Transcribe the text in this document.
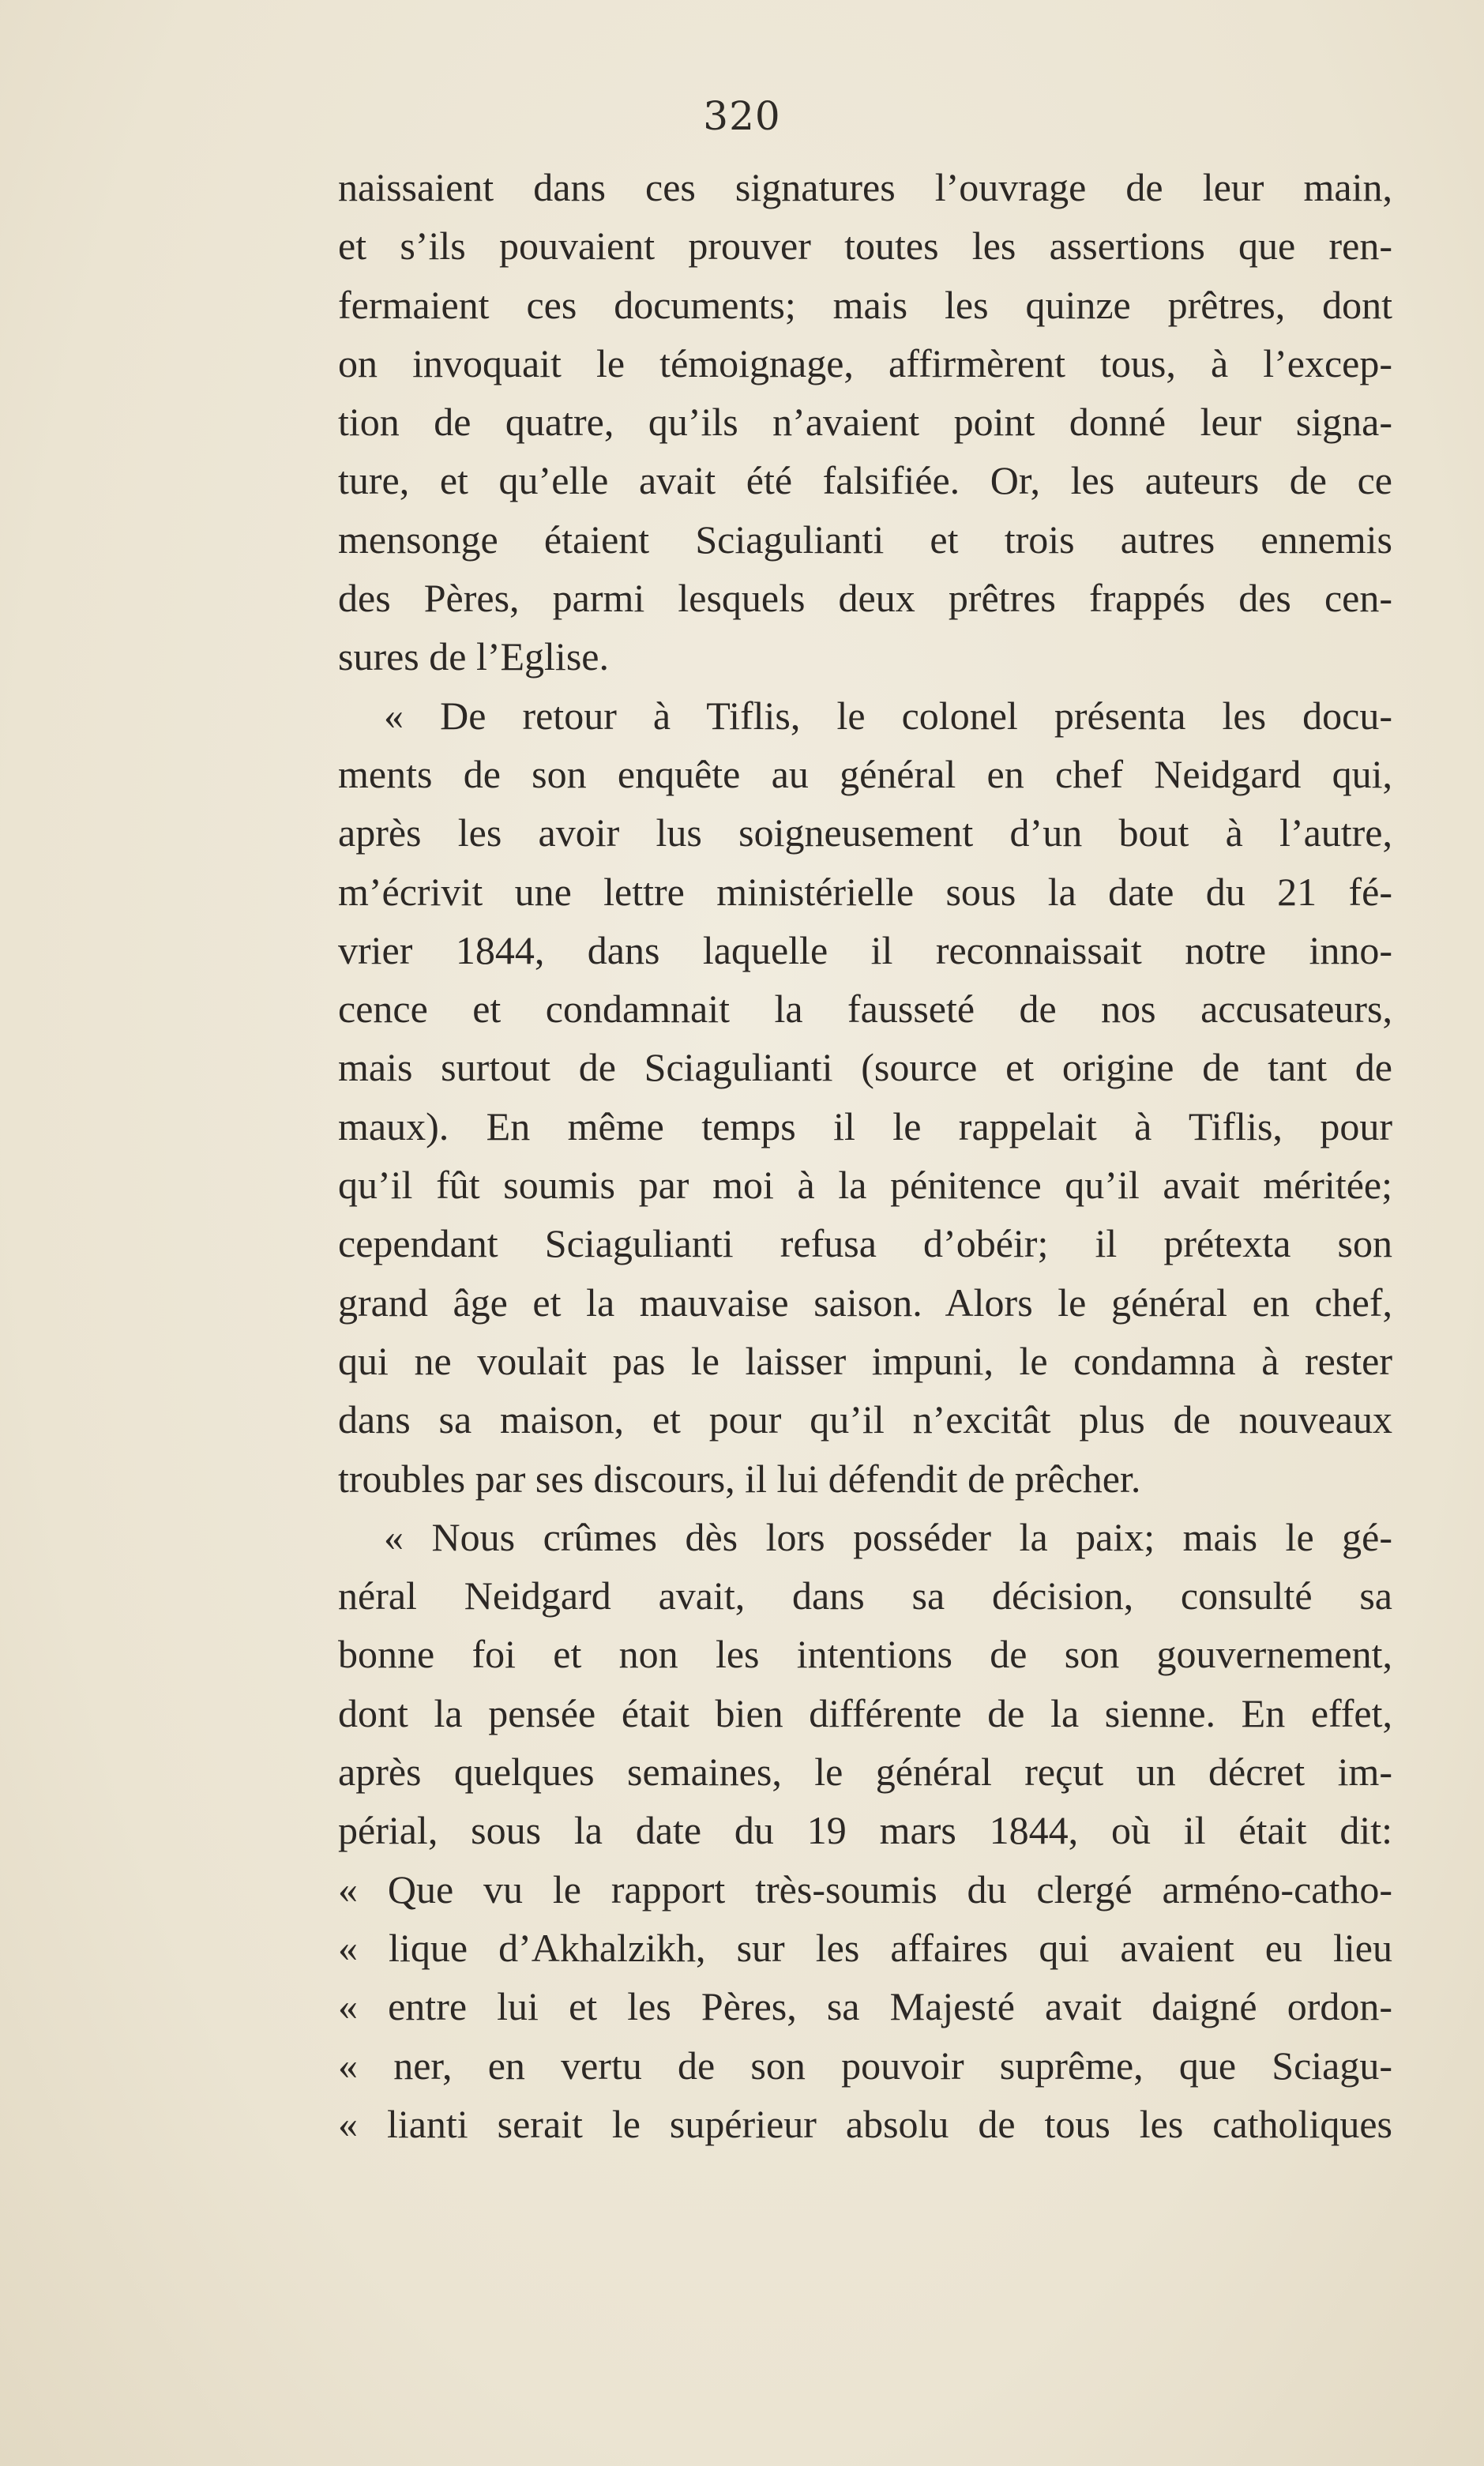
320
naissaient dans ces signatures l’ouvrage de leur main,
et s’ils pouvaient prouver toutes les assertions que ren-
fermaient ces documents; mais les quinze prêtres, dont
on invoquait le témoignage, affirmèrent tous, à l’excep-
tion de quatre, qu’ils n’avaient point donné leur signa-
ture, et qu’elle avait été falsifiée. Or, les auteurs de ce
mensonge étaient Sciagulianti et trois autres ennemis
des Pères, parmi lesquels deux prêtres frappés des cen-
sures de l’Eglise.
« De retour à Tiflis, le colonel présenta les docu-
ments de son enquête au général en chef Neidgard qui,
après les avoir lus soigneusement d’un bout à l’autre,
m’écrivit une lettre ministérielle sous la date du 21 fé-
vrier 1844, dans laquelle il reconnaissait notre inno-
cence et condamnait la fausseté de nos accusateurs,
mais surtout de Sciagulianti (source et origine de tant de
maux). En même temps il le rappelait à Tiflis, pour
qu’il fût soumis par moi à la pénitence qu’il avait méritée;
cependant Sciagulianti refusa d’obéir; il prétexta son
grand âge et la mauvaise saison. Alors le général en chef,
qui ne voulait pas le laisser impuni, le condamna à rester
dans sa maison, et pour qu’il n’excitât plus de nouveaux
troubles par ses discours, il lui défendit de prêcher.
« Nous crûmes dès lors posséder la paix; mais le gé-
néral Neidgard avait, dans sa décision, consulté sa
bonne foi et non les intentions de son gouvernement,
dont la pensée était bien différente de la sienne. En effet,
après quelques semaines, le général reçut un décret im-
périal, sous la date du 19 mars 1844, où il était dit:
« Que vu le rapport très-soumis du clergé arméno-catho-
« lique d’Akhalzikh, sur les affaires qui avaient eu lieu
« entre lui et les Pères, sa Majesté avait daigné ordon-
« ner, en vertu de son pouvoir suprême, que Sciagu-
« lianti serait le supérieur absolu de tous les catholiques
